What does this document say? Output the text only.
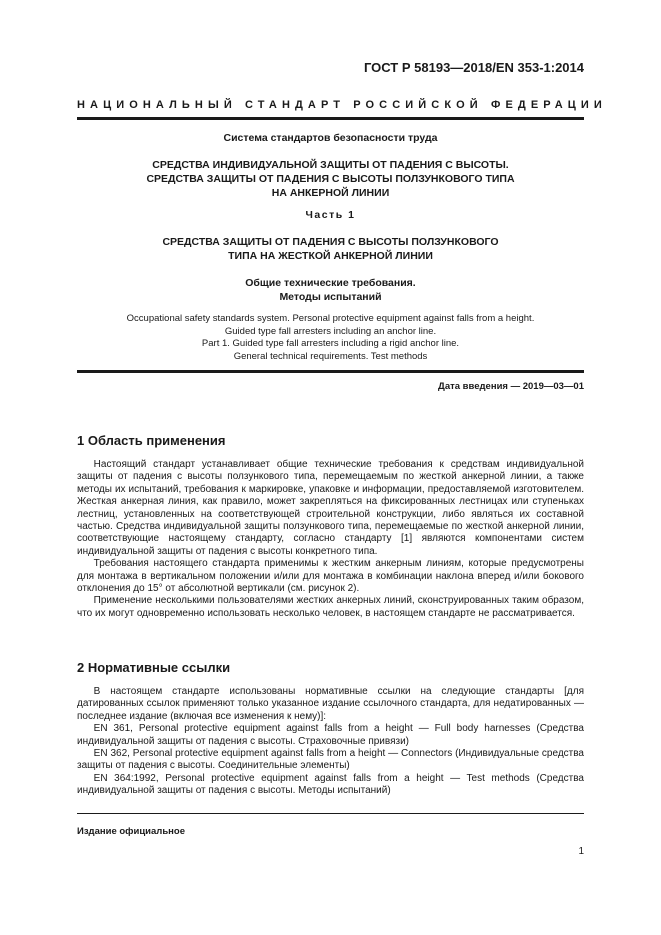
ГОСТ Р 58193—2018/EN 353-1:2014
НАЦИОНАЛЬНЫЙ СТАНДАРТ РОССИЙСКОЙ ФЕДЕРАЦИИ
Система стандартов безопасности труда
СРЕДСТВА ИНДИВИДУАЛЬНОЙ ЗАЩИТЫ ОТ ПАДЕНИЯ С ВЫСОТЫ.
СРЕДСТВА ЗАЩИТЫ ОТ ПАДЕНИЯ С ВЫСОТЫ ПОЛЗУНКОВОГО ТИПА
НА АНКЕРНОЙ ЛИНИИ
Часть 1
СРЕДСТВА ЗАЩИТЫ ОТ ПАДЕНИЯ С ВЫСОТЫ ПОЛЗУНКОВОГО
ТИПА НА ЖЕСТКОЙ АНКЕРНОЙ ЛИНИИ
Общие технические требования.
Методы испытаний
Occupational safety standards system. Personal protective equipment against falls from a height.
Guided type fall arresters including an anchor line.
Part 1. Guided type fall arresters including a rigid anchor line.
General technical requirements. Test methods
Дата введения — 2019—03—01
1 Область применения

Настоящий стандарт устанавливает общие технические требования к средствам индивидуальной защиты от падения с высоты ползункового типа, перемещаемым по жесткой анкерной линии, а также методы их испытаний, требования к маркировке, упаковке и информации, предоставляемой изготовителем. Жесткая анкерная линия, как правило, может закрепляться на фиксированных лестницах или ступеньках лестниц, установленных на соответствующей строительной конструкции, либо являться их составной частью. Средства индивидуальной защиты ползункового типа, перемещаемые по жесткой анкерной линии, соответствующие настоящему стандарту, согласно стандарту [1] являются компонентами систем индивидуальной защиты от падения с высоты конкретного типа.

Требования настоящего стандарта применимы к жестким анкерным линиям, которые предусмотрены для монтажа в вертикальном положении и/или для монтажа в комбинации наклона вперед и/или бокового отклонения до 15° от абсолютной вертикали (см. рисунок 2).

Применение несколькими пользователями жестких анкерных линий, сконструированных таким образом, что их могут одновременно использовать несколько человек, в настоящем стандарте не рассматривается.

2 Нормативные ссылки

В настоящем стандарте использованы нормативные ссылки на следующие стандарты [для датированных ссылок применяют только указанное издание ссылочного стандарта, для недатированных — последнее издание (включая все изменения к нему)]:

EN 361, Personal protective equipment against falls from a height — Full body harnesses (Средства индивидуальной защиты от падения с высоты. Страховочные привязи)

EN 362, Personal protective equipment against falls from a height — Connectors (Индивидуальные средства защиты от падения с высоты. Соединительные элементы)

EN 364:1992, Personal protective equipment against falls from a height — Test methods (Средства индивидуальной защиты от падения с высоты. Методы испытаний)

Издание официальное
1
